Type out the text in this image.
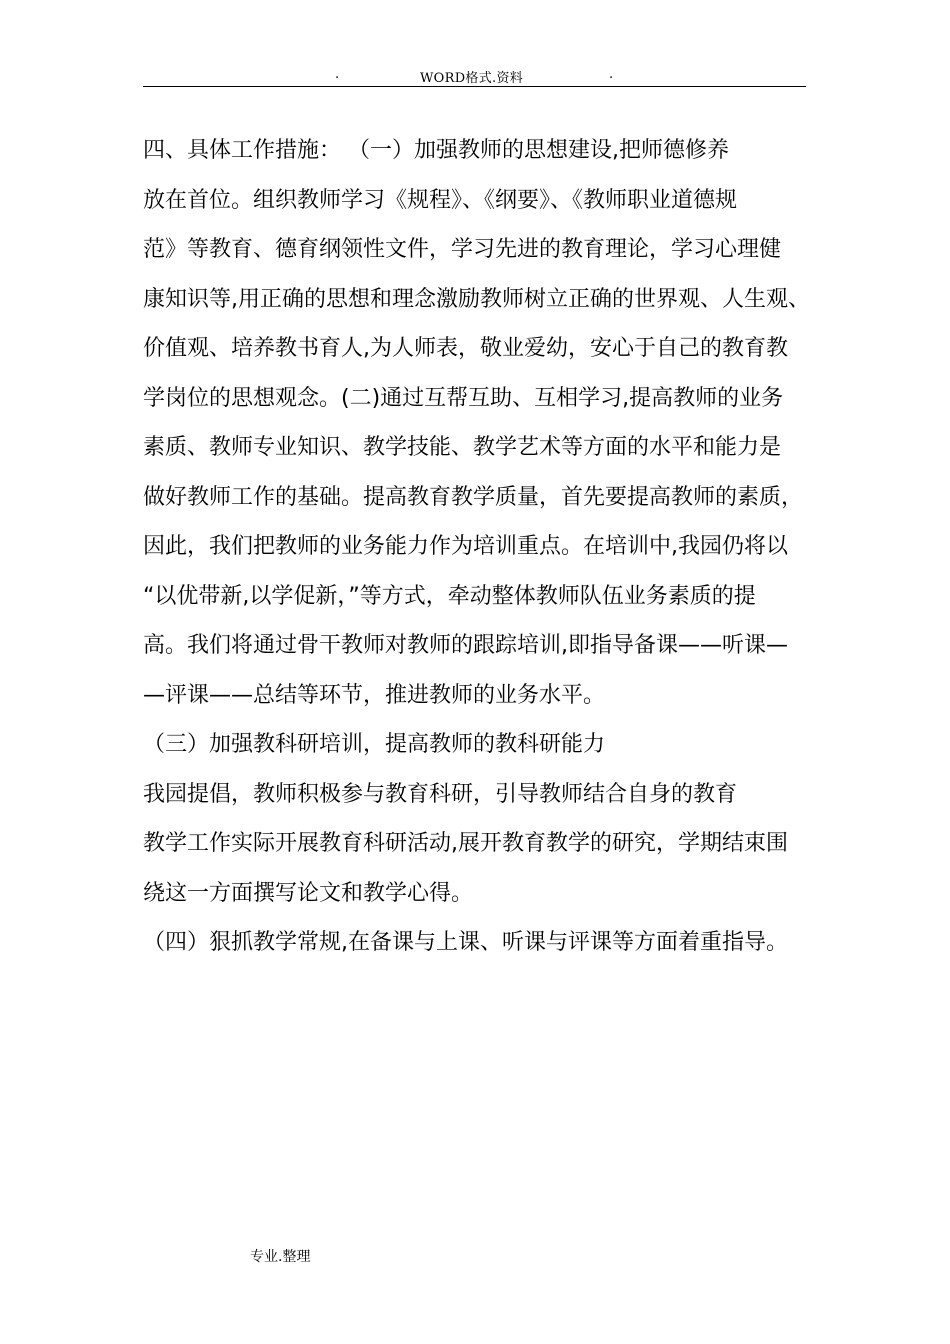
.	WORD格式.资料	.
四、具体工作措施： （一）加强教师的思想建设,把师德修养
放在首位。组织教师学习《规程》、《纲要》、《教师职业道德规
范》等教育、德育纲领性文件，学习先进的教育理论，学习心理健
康知识等,用正确的思想和理念激励教师树立正确的世界观、人生观、
价值观、培养教书育人,为人师表，敬业爱幼，安心于自己的教育教
学岗位的思想观念。(二)通过互帮互助、互相学习,提高教师的业务
素质、教师专业知识、教学技能、教学艺术等方面的水平和能力是
做好教师工作的基础。提高教育教学质量，首先要提高教师的素质，
因此，我们把教师的业务能力作为培训重点。在培训中,我园仍将以
“以优带新,以学促新，”等方式，牵动整体教师队伍业务素质的提
高。我们将通过骨干教师对教师的跟踪培训,即指导备课——听课—
—评课——总结等环节，推进教师的业务水平。
（三）加强教科研培训，提高教师的教科研能力
我园提倡，教师积极参与教育科研，引导教师结合自身的教育
教学工作实际开展教育科研活动,展开教育教学的研究，学期结束围
绕这一方面撰写论文和教学心得。
（四）狠抓教学常规,在备课与上课、听课与评课等方面着重指导。
专业.整理
